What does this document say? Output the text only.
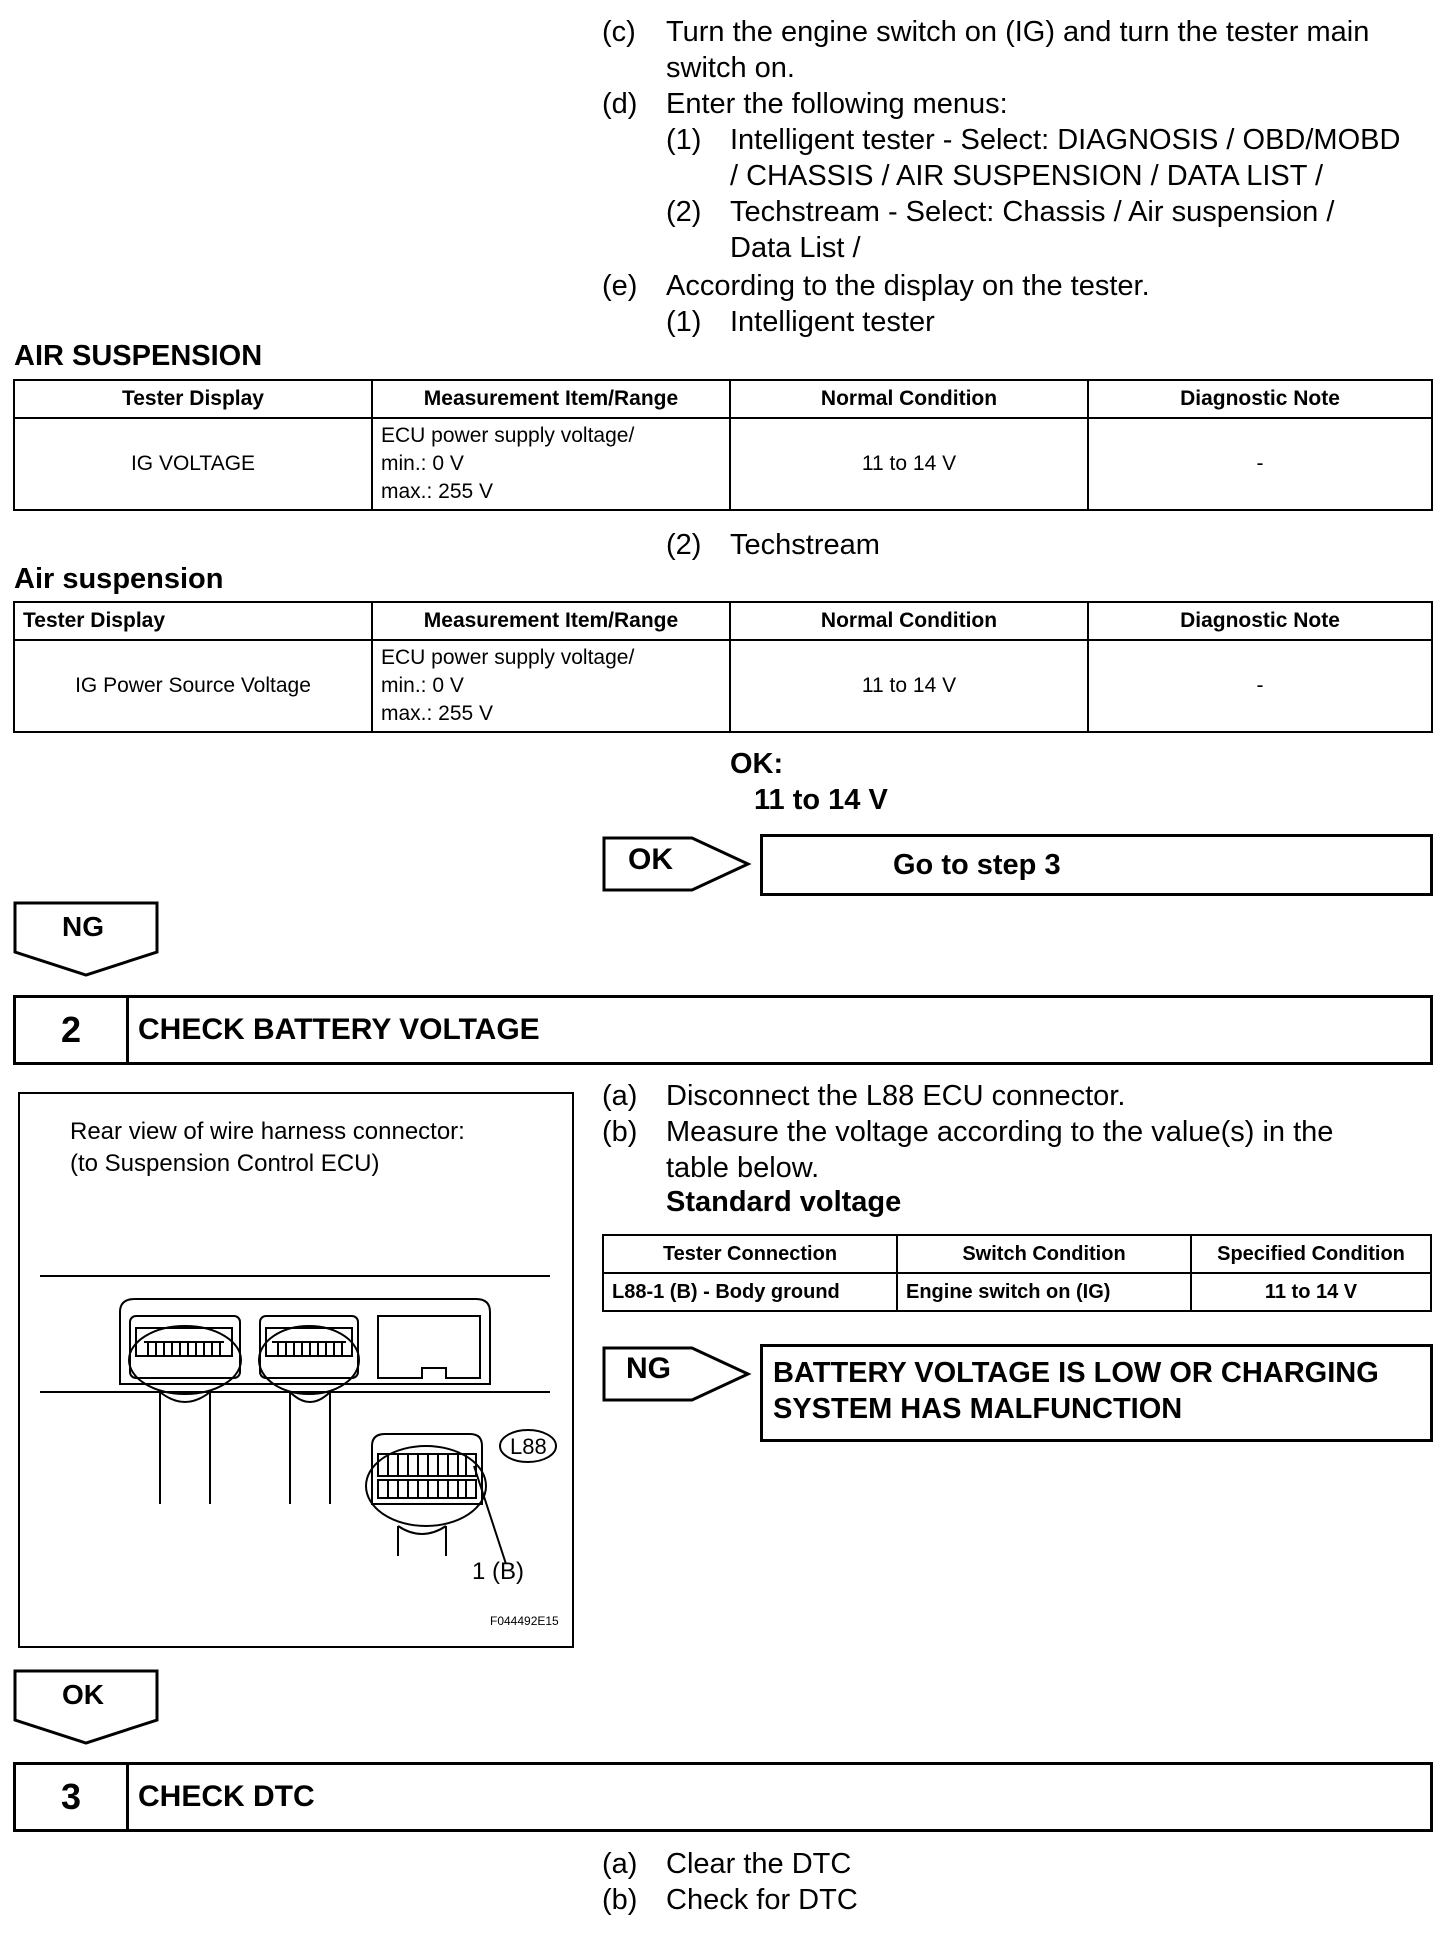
(c) Turn the engine switch on (IG) and turn the tester main
switch on.
(d) Enter the following menus:
(1) Intelligent tester - Select: DIAGNOSIS / OBD/MOBD
/ CHASSIS / AIR SUSPENSION / DATA LIST /
(2) Techstream - Select: Chassis / Air suspension /
Data List /
(e) According to the display on the tester.
(1) Intelligent tester
AIR SUSPENSION
Tester Display	Measurement Item/Range	Normal Condition	Diagnostic Note
IG VOLTAGE	ECU power supply voltage/
min.: 0 V
max.: 255 V	11 to 14 V	-
(2) Techstream
Air suspension
Tester Display	Measurement Item/Range	Normal Condition	Diagnostic Note
IG Power Source Voltage	ECU power supply voltage/
min.: 0 V
max.: 255 V	11 to 14 V	-
OK:
11 to 14 V
OK	Go to step 3
NG
2	CHECK BATTERY VOLTAGE
Rear view of wire harness connector:
(to Suspension Control ECU)
L88
1 (B)
F044492E15
(a) Disconnect the L88 ECU connector.
(b) Measure the voltage according to the value(s) in the
table below.
Standard voltage
Tester Connection	Switch Condition	Specified Condition
L88-1 (B) - Body ground	Engine switch on (IG)	11 to 14 V
NG	BATTERY VOLTAGE IS LOW OR CHARGING
SYSTEM HAS MALFUNCTION
OK
3	CHECK DTC
(a) Clear the DTC
(b) Check for DTC
